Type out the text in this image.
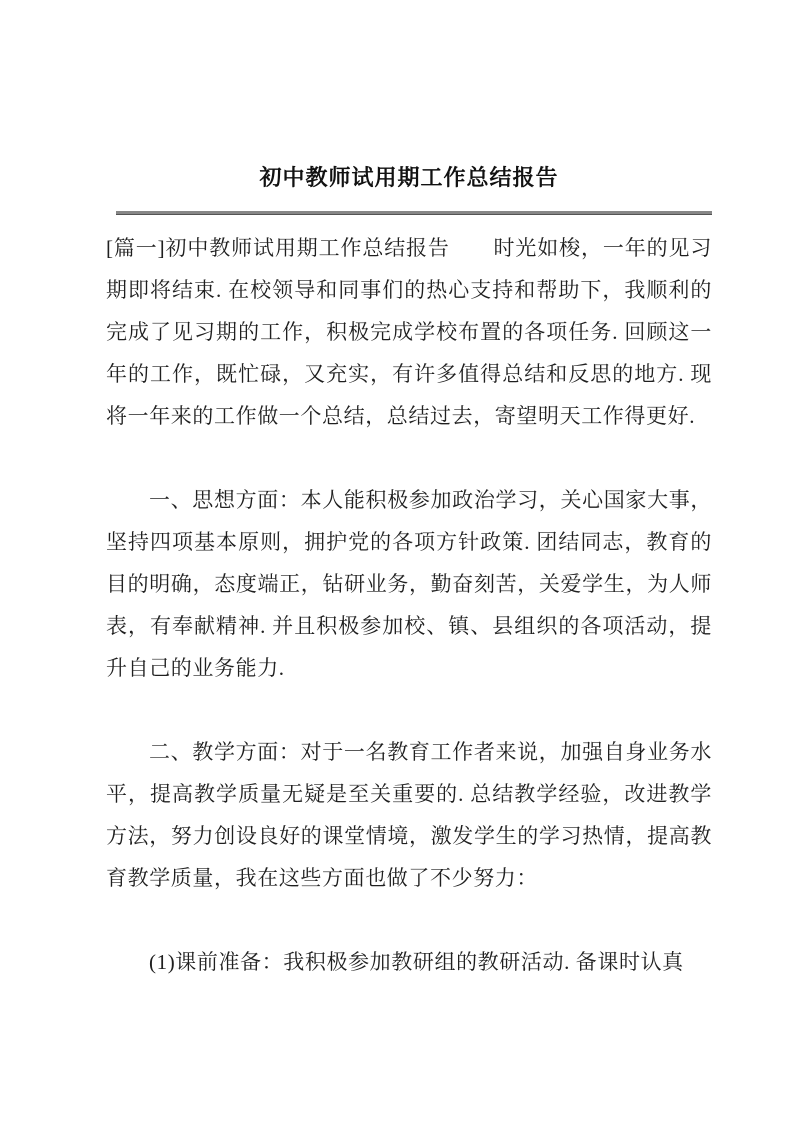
初中教师试用期工作总结报告

[篇一]初中教师试用期工作总结报告　　时光如梭，一年的见习期即将结束. 在校领导和同事们的热心支持和帮助下，我顺利的完成了见习期的工作，积极完成学校布置的各项任务. 回顾这一年的工作，既忙碌，又充实，有许多值得总结和反思的地方. 现将一年来的工作做一个总结，总结过去，寄望明天工作得更好.

一、思想方面：本人能积极参加政治学习，关心国家大事，坚持四项基本原则，拥护党的各项方针政策. 团结同志，教育的目的明确，态度端正，钻研业务，勤奋刻苦，关爱学生，为人师表，有奉献精神. 并且积极参加校、镇、县组织的各项活动，提升自己的业务能力.

二、教学方面：对于一名教育工作者来说，加强自身业务水平，提高教学质量无疑是至关重要的. 总结教学经验，改进教学方法，努力创设良好的课堂情境，激发学生的学习热情，提高教育教学质量，我在这些方面也做了不少努力：

(1)课前准备：我积极参加教研组的教研活动. 备课时认真
